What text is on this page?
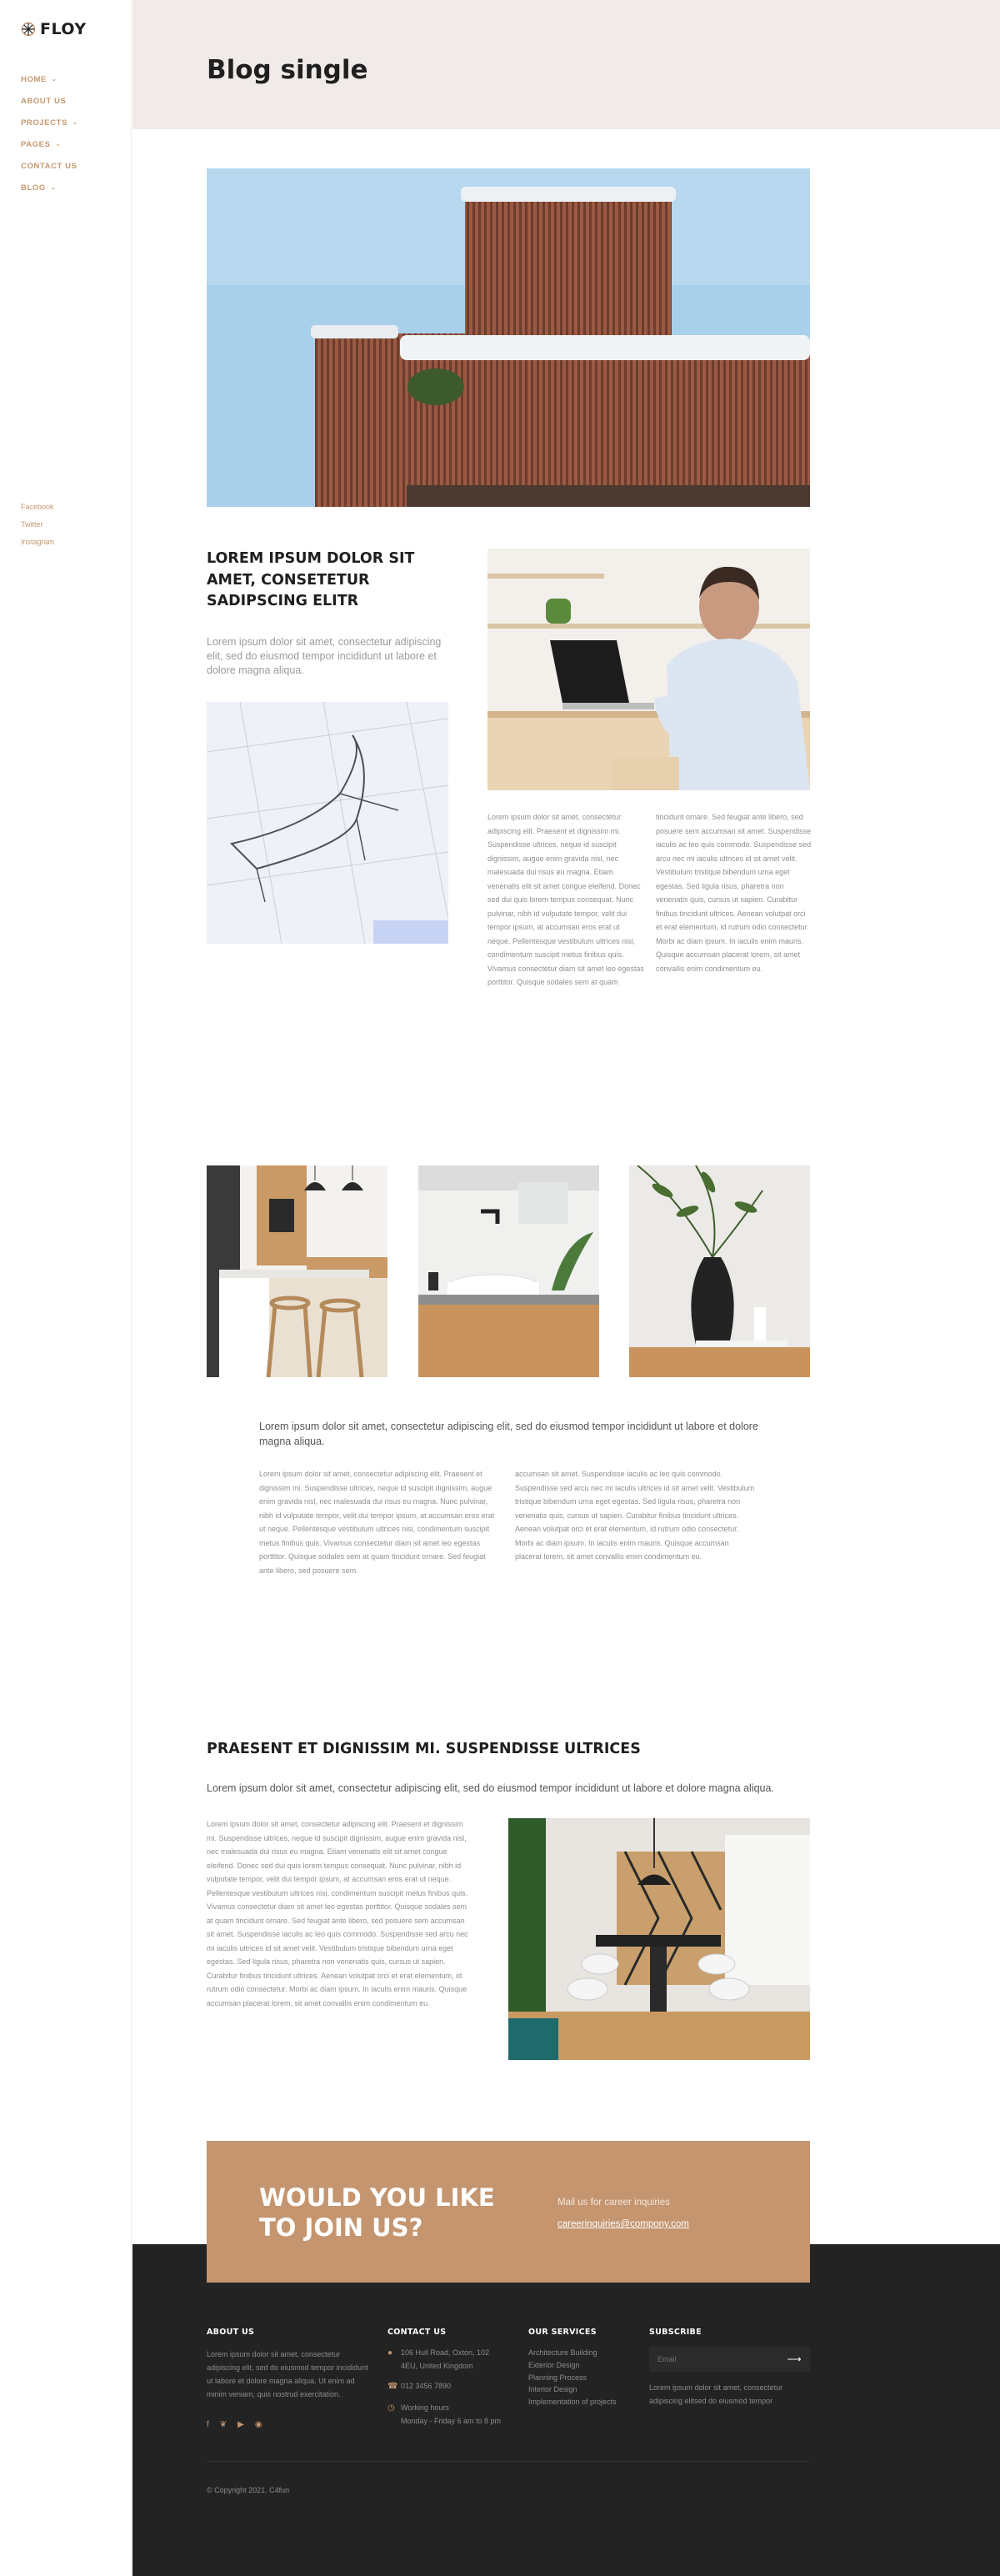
FLOY
HOME ⌄
ABOUT US
PROJECTS ⌄
PAGES ⌄
CONTACT US
BLOG ⌄
Facebook
Twitter
Instagram
Blog single
LOREM IPSUM DOLOR SIT AMET, CONSETETUR SADIPSCING ELITR

Lorem ipsum dolor sit amet, consectetur adipiscing elit, sed do eiusmod tempor incididunt ut labore et dolore magna aliqua.

Lorem ipsum dolor sit amet, consectetur adipiscing elit. Praesent et dignissim mi. Suspendisse ultrices, neque id suscipit dignissim, augue enim gravida nisl, nec malesuada dui risus eu magna. Etiam venenatis elit sit amet congue eleifend. Donec sed dui quis lorem tempus consequat. Nunc pulvinar, nibh id vulputate tempor, velit dui tempor ipsum, at accumsan eros erat ut neque. Pellentesque vestibulum ultrices nisi, condimentum suscipit metus finibus quis. Vivamus consectetur diam sit amet leo egestas porttitor. Quisque sodales sem at quam

tincidunt ornare. Sed feugiat ante libero, sed posuere sem accumsan sit amet. Suspendisse iaculis ac leo quis commodo. Suspendisse sed arcu nec mi iaculis ultrices id sit amet velit. Vestibulum tristique bibendum urna eget egestas. Sed ligula risus, pharetra non venenatis quis, cursus ut sapien. Curabitur finibus tincidunt ultrices. Aenean volutpat orci et erat elementum, id rutrum odio consectetur. Morbi ac diam ipsum. In iaculis enim mauris. Quisque accumsan placerat lorem, sit amet convallis enim condimentum eu.

Lorem ipsum dolor sit amet, consectetur adipiscing elit, sed do eiusmod tempor incididunt ut labore et dolore magna aliqua.

Lorem ipsum dolor sit amet, consectetur adipiscing elit. Praesent et dignissim mi. Suspendisse ultrices, neque id suscipit dignissim, augue enim gravida nisl, nec malesuada dui risus eu magna. Nunc pulvinar, nibh id vulputate tempor, velit dui tempor ipsum, at accumsan eros erat ut neque. Pellentesque vestibulum ultrices nisi, condimentum suscipit metus finibus quis. Vivamus consectetur diam sit amet leo egestas porttitor. Quisque sodales sem at quam tincidunt ornare. Sed feugiat ante libero, sed posuere sem.

accumsan sit amet. Suspendisse iaculis ac leo quis commodo. Suspendisse sed arcu nec mi iaculis ultrices id sit amet velit. Vestibulum tristique bibendum urna eget egestas. Sed ligula risus, pharetra non venenatis quis, cursus ut sapien. Curabitur finibus tincidunt ultrices. Aenean volutpat orci et erat elementum, id rutrum odio consectetur. Morbi ac diam ipsum. In iaculis enim mauris. Quisque accumsan placerat lorem, sit amet convallis enim condimentum eu.

PRAESENT ET DIGNISSIM MI. SUSPENDISSE ULTRICES

Lorem ipsum dolor sit amet, consectetur adipiscing elit, sed do eiusmod tempor incididunt ut labore et dolore magna aliqua.

Lorem ipsum dolor sit amet, consectetur adipiscing elit. Praesent et dignissim mi. Suspendisse ultrices, neque id suscipit dignissim, augue enim gravida nisl, nec malesuada dui risus eu magna. Etiam venenatis elit sit amet congue eleifend. Donec sed dui quis lorem tempus consequat. Nunc pulvinar, nibh id vulputate tempor, velit dui tempor ipsum, at accumsan eros erat ut neque. Pellentesque vestibulum ultrices nisi, condimentum suscipit metus finibus quis. Vivamus consectetur diam sit amet leo egestas porttitor. Quisque sodales sem at quam tincidunt ornare. Sed feugiat ante libero, sed posuere sem accumsan sit amet. Suspendisse iaculis ac leo quis commodo. Suspendisse sed arcu nec mi iaculis ultrices id sit amet velit. Vestibulum tristique bibendum urna eget egestas. Sed ligula risus, pharetra non venenatis quis, cursus ut sapien. Curabitur finibus tincidunt ultrices. Aenean volutpat orci et erat elementum, id rutrum odio consectetur. Morbi ac diam ipsum. In iaculis enim mauris. Quisque accumsan placerat lorem, sit amet convallis enim condimentum eu.

WOULD YOU LIKE TO JOIN US?
Mail us for career inquiries
careerinquiries@compony.com
ABOUT US

Lorem ipsum dolor sit amet, consectetur adipiscing elit, sed do eiusmod tempor incididunt ut labore et dolore magna aliqua. Ut enim ad minim veniam, quis nostrud exercitation.

f ❦ ▶ ◉
CONTACT US
● 106 Hull Road, Oxton, 102 4EU, United Kingdom

☎ 012 3456 7890

◷ Working hours

Monday - Friday 6 am to 8 pm

OUR SERVICES
Architecture Building
Exterior Design
Planning Process
Interior Design
Implementation of projects
SUBSCRIBE
Email
⟶

Lorem ipsum dolor sit amet, consectetur adipiscing elitsed do eiusmod tempor

© Copyright 2021. C4fun
